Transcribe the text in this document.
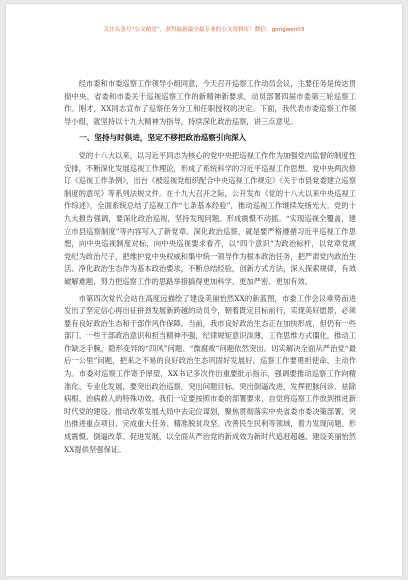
关注头条号“公文精党”，获得最新最全最专业的公文资料库！微信：gongwen03

经市委和市委巡察工作领导小组同意，今天召开巡察工作动员会议，主要任务是传达贯彻中央、省委和市委关于巡视巡察工作的新精神新要求，动员部署四届市委第三轮巡察工作。刚才，XX同志宣布了巡察任务分工和任职授权的决定。下面，我代表市委巡察工作领导小组，就坚持以十九大精神为指导，持续深化政治巡察，讲三点意见。

一、坚持与时俱进，坚定不移把政治巡察引向深入

党的十八大以来，以习近平同志为核心的党中央把巡视工作作为加强党内监督的制度性安排，不断深化发展巡视工作理论，形成了系统科学的习近平巡视工作思想。党中央两次修订《巡视工作条例》，出台《被巡视党组织配合中央巡视工作规定》《关于市县党委建立巡察制度的意见》等系列法规文件。在十九大召开之际，公开发布《党的十八大以来中央巡视工作综述》，全面系统总结了巡视工作“七条基本经验”，推动巡视工作继续发扬光大。党的十九大报告强调，要深化政治巡视，坚持发现问题、形成震慑不动摇。“实现巡视全覆盖，建立市县巡察制度”等内容写入了新党章。深化政治巡察，就是要严格遵循习近平巡视工作思想，向中央巡视制度对标，向中央巡视要求看齐，以“四个意识”为政治标杆，以党章党规党纪为政治尺子，把维护党中央权威和集中统一领导作为根本政治任务，把严肃党内政治生活、净化政治生态作为基本政治要求，不断总结经验，创新方式方法，深入探索规律，有效破解难题，努力把巡察工作的思路举措搞得更加科学、更加严密、更加有效。

市第四次党代会站在高度远描绘了建设美丽怡然XX的新蓝图，市委工作会议乘势而进发出了坚定信心再出征拼劲发展新跨越的动员令，朝着既定目标前行，实现美好愿景，必须要有良好政治生态和干部作风作保障。当前，我市良好政治生态正在加快形成，但仍有一些部门、一些干部政治意识和担当精神不强，纪律规矩意识淡薄，工作思维方式僵化，推动工作缺乏手腕，隐形变异的“四风”问题、“微腐败”问题依然突出。切实解决全面从严治党“最后一公里”问题，把来之不易的良好政治生态巩固好发展好，巡察工作要勇担使命、主动作为。市委对巡察工作寄予厚望，XX书记多次作出重要批示指示，强调要推动巡察工作向精准化、专业化发展，要突出政治巡察，突出问题目标，突出倒逼改进，发挥把脉问诊、祛除病根、治病救人的特殊功效。我们一定要按照市委的部署要求，自觉将巡察工作放到推进新时代党的建设、推动改革发展大局中去定位谋划，聚焦贯彻落实中央省委市委决策部署、突出推进重点项目、完成重大任务、精准脱贫攻坚、改善民生民利等领域，着力发现问题、形成震慑、倒逼改革、促进发展，以全面从严治党的新成效为新时代追赶超越、建设美丽怡然XX提供坚强保证。
